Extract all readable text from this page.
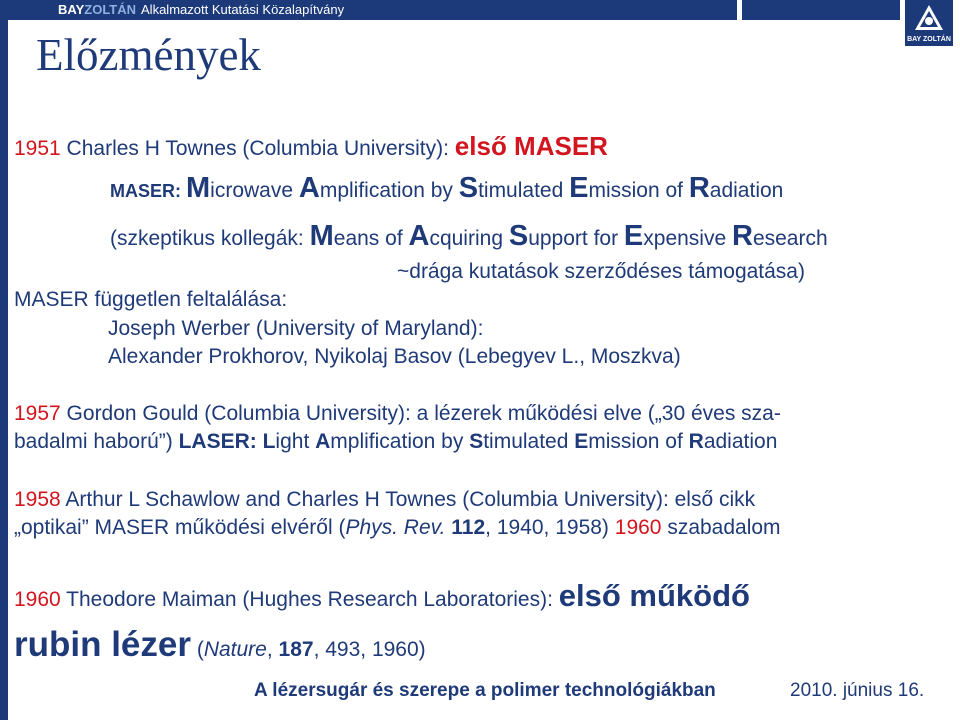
BAYZOLTÁN Alkalmazott Kutatási Közalapítvány
BAY ZOLTÁN
Előzmények
1951 Charles H Townes (Columbia University): első MASER
MASER: Microwave Amplification by Stimulated Emission of Radiation
(szkeptikus kollegák: Means of Acquiring Support for Expensive Research
~drága kutatások szerződéses támogatása)
MASER független feltalálása:
Joseph Werber (University of Maryland):
Alexander Prokhorov, Nyikolaj Basov (Lebegyev L., Moszkva)
1957 Gordon Gould (Columbia University): a lézerek működési elve („30 éves sza-
badalmi haború”) LASER: Light Amplification by Stimulated Emission of Radiation
1958 Arthur L Schawlow and Charles H Townes (Columbia University): első cikk
„optikai” MASER működési elvéről (Phys. Rev. 112, 1940, 1958) 1960 szabadalom
1960 Theodore Maiman (Hughes Research Laboratories): első működő
rubin lézer (Nature, 187, 493, 1960)
A lézersugár és szerepe a polimer technológiákban	2010. június 16.
